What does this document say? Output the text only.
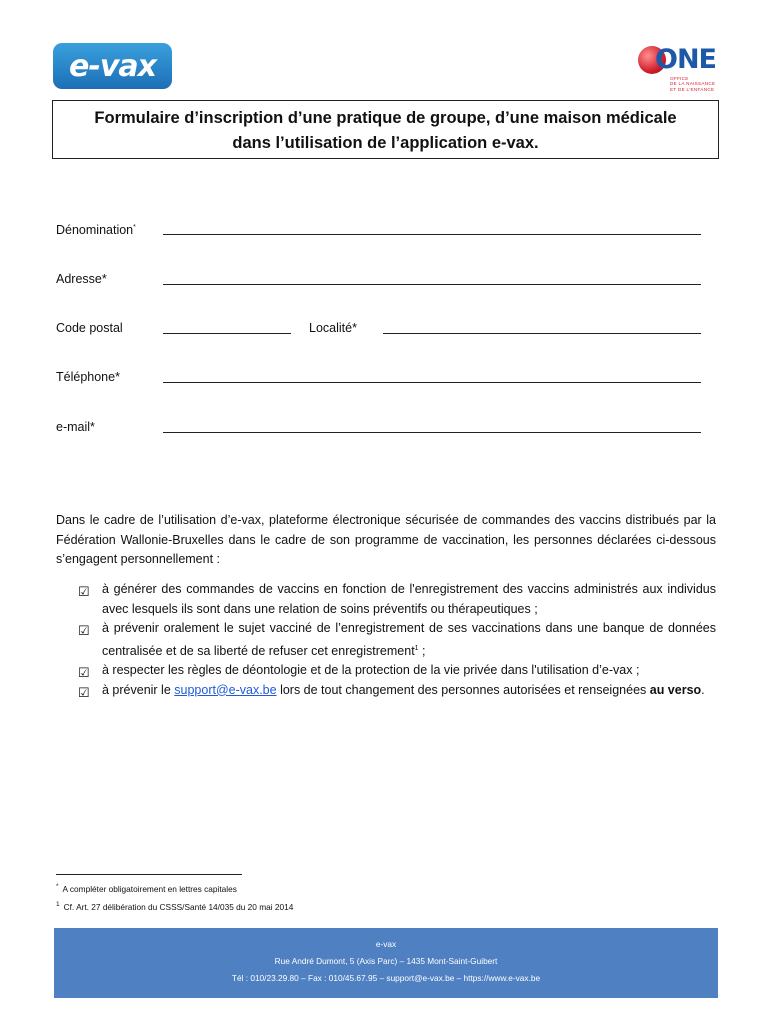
e-vax	ONE
OFFICE
DE LA NAISSANCE
ET DE L'ENFANCE
Formulaire d’inscription d’une pratique de groupe, d’une maison médicale
dans l’utilisation de l’application e-vax.
Dénomination*
Adresse*
Code postal	Localité*
Téléphone*
e-mail*
Dans le cadre de l’utilisation d’e-vax, plateforme électronique sécurisée de commandes des vaccins distribués par la Fédération Wallonie-Bruxelles dans le cadre de son programme de vaccination, les personnes déclarées ci-dessous s’engagent personnellement :
☑ à générer des commandes de vaccins en fonction de l'enregistrement des vaccins administrés aux individus avec lesquels ils sont dans une relation de soins préventifs ou thérapeutiques ;
☑ à prévenir oralement le sujet vacciné de l’enregistrement de ses vaccinations dans une banque de données centralisée et de sa liberté de refuser cet enregistrement$^1$ ;
☑ à respecter les règles de déontologie et de la protection de la vie privée dans l'utilisation d’e-vax ;
☑ à prévenir le support@e-vax.be lors de tout changement des personnes autorisées et renseignées au verso.
* A compléter obligatoirement en lettres capitales
$^1$ Cf. Art. 27 délibération du CSSS/Santé 14/035 du 20 mai 2014
e-vax
Rue André Dumont, 5 (Axis Parc) – 1435 Mont-Saint-Guibert
Tél : 010/23.29.80 – Fax : 010/45.67.95 – support@e-vax.be – https://www.e-vax.be
